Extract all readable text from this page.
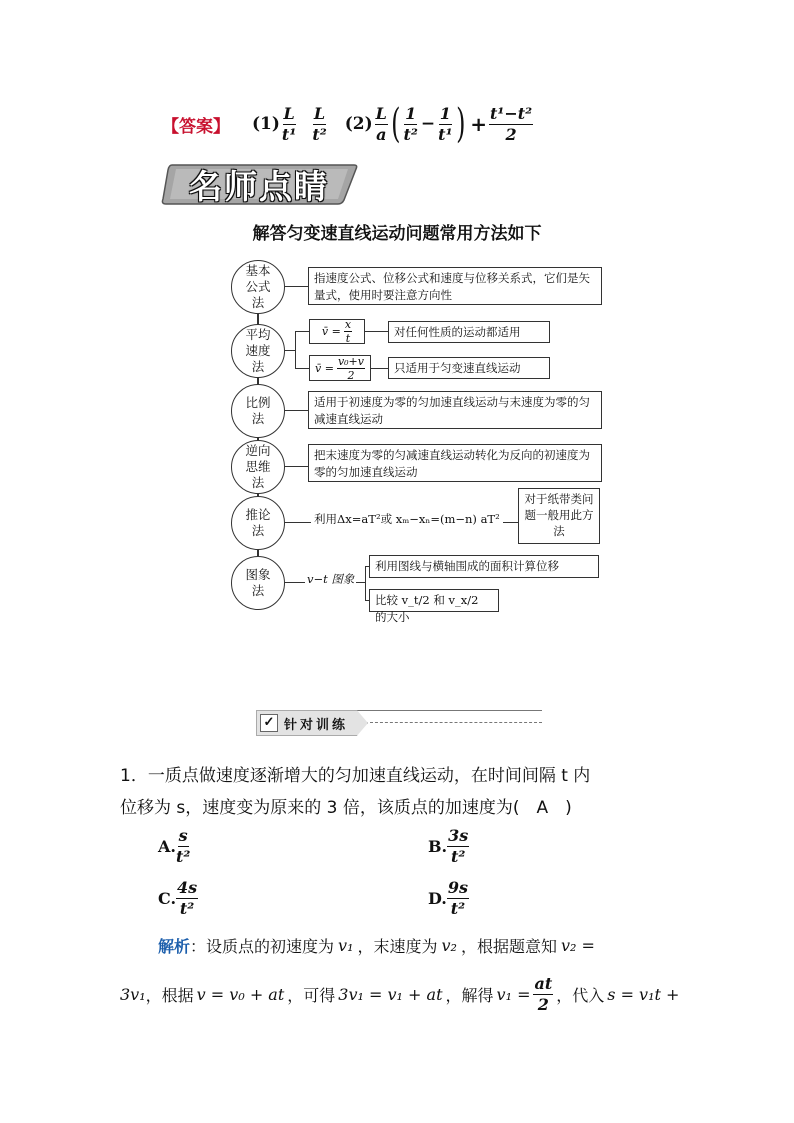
【答案】 $(1) \frac{L}{\text{t¹}} \frac{L}{\text{t²}} (2) \frac{L}{a}$ ( $\frac{1}{\text{t²}} - \frac{1}{\text{t¹}}$ ) + $\frac{\text{t¹−t²}}{2}$
名师点睛
解答匀变速直线运动问题常用方法如下
基本公式法
指速度公式、位移公式和速度与位移关系式，它们是矢量式，使用时要注意方向性
平均速度法
v̄ = $\frac{x}{t}$	对任何性质的运动都适用
v̄ = $\frac{\text{v₀+v}}{2}$	只适用于匀变速直线运动
比例法
适用于初速度为零的匀加速直线运动与末速度为零的匀减速直线运动
逆向思维法
把末速度为零的匀减速直线运动转化为反向的初速度为零的匀加速直线运动
推论法
利用Δx=aT²或 xₘ−xₙ=(m−n) aT²
对于纸带类问题一般用此方法
图象法
v−t 图象
利用图线与横轴围成的面积计算位移
比较 v_t/2 和 v_x/2 的大小
✓ 针对训练
1．一质点做速度逐渐增大的匀加速直线运动，在时间间隔 t 内
位移为 s，速度变为原来的 3 倍，该质点的加速度为(　A　)
A. $\frac{s}{\text{t²}}$	B. $\frac{3s}{\text{t²}}$
C. $\frac{4s}{\text{t²}}$	D. $\frac{9s}{\text{t²}}$
解析 ：设质点的初速度为 v₁ ，末速度为 v₂ ，根据题意知 v₂ =
3v₁ ，根据 v = v₀ + at ，可得 3v₁ = v₁ + at ，解得 $v_1 = \frac{at}{2}$ ，代入 s = v₁t +
